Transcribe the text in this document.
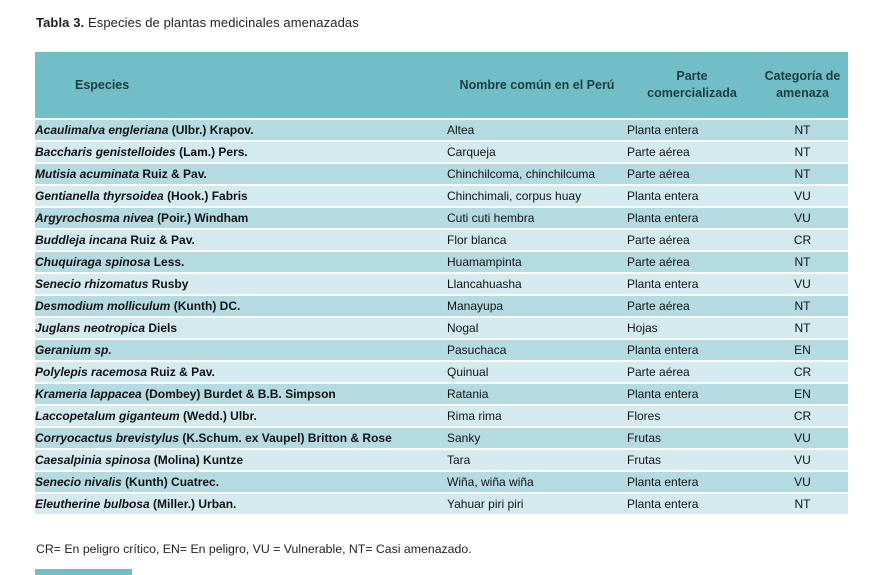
Tabla 3. Especies de plantas medicinales amenazadas
Especies	Nombre común en el Perú	Parte comercializada	Categoría de amenaza
Acaulimalva engleriana (Ulbr.) Krapov.	Altea	Planta entera	NT
Baccharis genistelloides (Lam.) Pers.	Carqueja	Parte aérea	NT
Mutisia acuminata Ruiz & Pav.	Chinchilcoma, chinchilcuma	Parte aérea	NT
Gentianella thyrsoidea (Hook.) Fabris	Chinchimali, corpus huay	Planta entera	VU
Argyrochosma nivea (Poir.) Windham	Cuti cuti hembra	Planta entera	VU
Buddleja incana Ruiz & Pav.	Flor blanca	Parte aérea	CR
Chuquiraga spinosa Less.	Huamampinta	Parte aérea	NT
Senecio rhizomatus Rusby	Llancahuasha	Planta entera	VU
Desmodium molliculum (Kunth) DC.	Manayupa	Parte aérea	NT
Juglans neotropica Diels	Nogal	Hojas	NT
Geranium sp.	Pasuchaca	Planta entera	EN
Polylepis racemosa Ruiz & Pav.	Quinual	Parte aérea	CR
Krameria lappacea (Dombey) Burdet & B.B. Simpson	Ratania	Planta entera	EN
Laccopetalum giganteum (Wedd.) Ulbr.	Rima rima	Flores	CR
Corryocactus brevistylus (K.Schum. ex Vaupel) Britton & Rose	Sanky	Frutas	VU
Caesalpinia spinosa (Molina) Kuntze	Tara	Frutas	VU
Senecio nivalis (Kunth) Cuatrec.	Wiña, wiña wiña	Planta entera	VU
Eleutherine bulbosa (Miller.) Urban.	Yahuar piri piri	Planta entera	NT
CR= En peligro crítico, EN= En peligro, VU = Vulnerable, NT= Casi amenazado.
